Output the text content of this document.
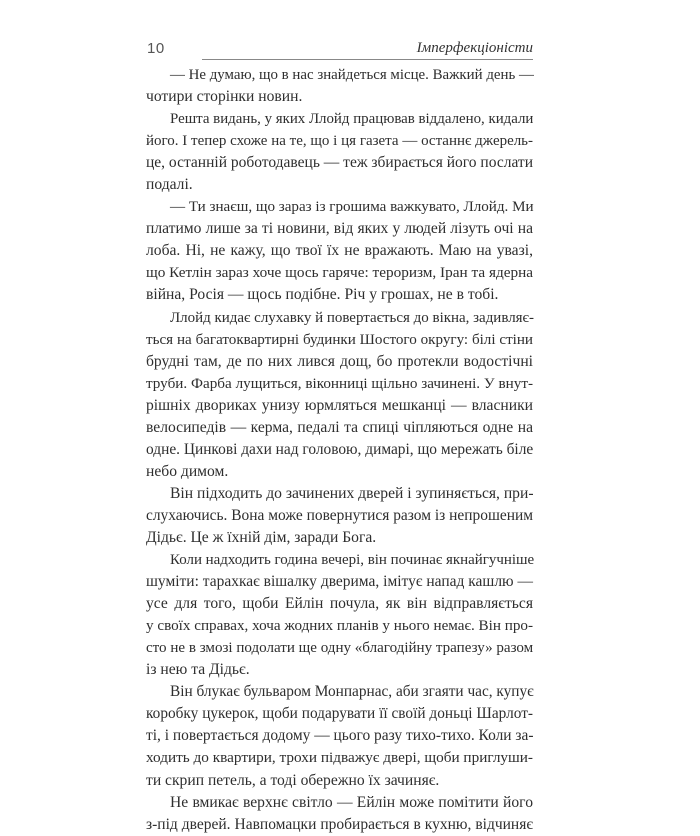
10	Імперфекціоністи
— Не думаю, що в нас знайдеться місце. Важкий день —
чотири сторінки новин.
Решта видань, у яких Ллойд працював віддалено, кидали
його. І тепер схоже на те, що і ця газета — останнє джерель-
це, останній роботодавець — теж збирається його послати
подалі.
— Ти знаєш, що зараз із грошима важкувато, Ллойд. Ми
платимо лише за ті новини, від яких у людей лізуть очі на
лоба. Ні, не кажу, що твої їх не вражають. Маю на увазі,
що Кетлін зараз хоче щось гаряче: тероризм, Іран та ядерна
війна, Росія — щось подібне. Річ у грошах, не в тобі.
Ллойд кидає слухавку й повертається до вікна, задивляє-
ться на багатоквартирні будинки Шостого округу: білі стіни
брудні там, де по них лився дощ, бо протекли водостічні
труби. Фарба лущиться, віконниці щільно зачинені. У внут-
рішніх двориках унизу юрмляться мешканці — власники
велосипедів — керма, педалі та спиці чіпляються одне на
одне. Цинкові дахи над головою, димарі, що мережать біле
небо димом.
Він підходить до зачинених дверей і зупиняється, при-
слухаючись. Вона може повернутися разом із непрошеним
Дідьє. Це ж їхній дім, заради Бога.
Коли надходить година вечері, він починає якнайгучніше
шуміти: тарахкає вішалку дверима, імітує напад кашлю —
усе для того, щоби Ейлін почула, як він відправляється
у своїх справах, хоча жодних планів у нього немає. Він про-
сто не в змозі подолати ще одну «благодійну трапезу» разом
із нею та Дідьє.
Він блукає бульваром Монпарнас, аби згаяти час, купує
коробку цукерок, щоби подарувати її своїй доньці Шарлот-
ті, і повертається додому — цього разу тихо-тихо. Коли за-
ходить до квартири, трохи підважує двері, щоби приглуши-
ти скрип петель, а тоді обережно їх зачиняє.
Не вмикає верхнє світло — Ейлін може помітити його
з-під дверей. Навпомацки пробирається в кухню, відчиняє
